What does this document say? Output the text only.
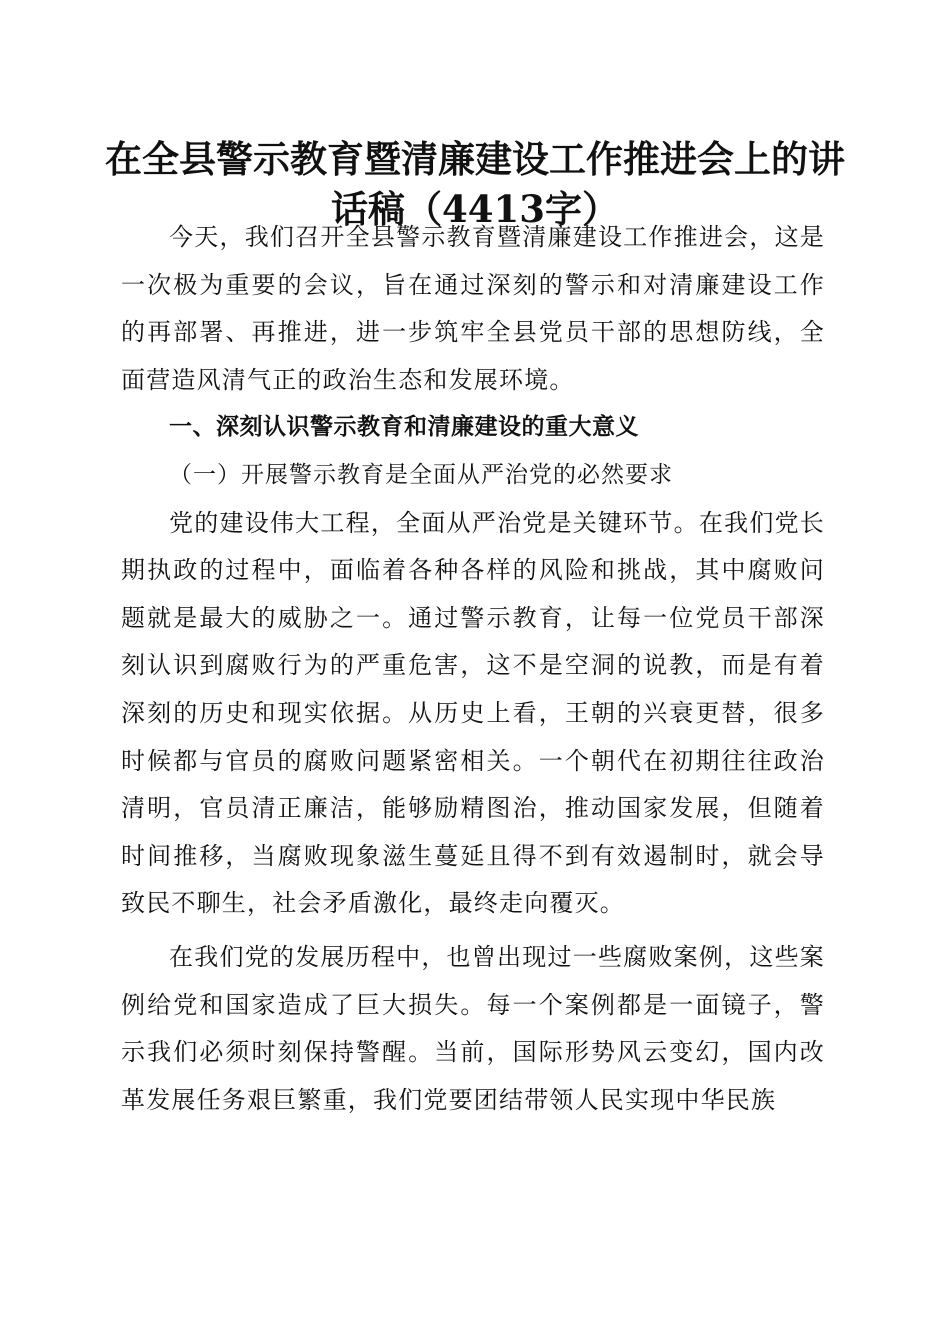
在全县警示教育暨清廉建设工作推进会上的讲
话稿（4413字）

今天，我们召开全县警示教育暨清廉建设工作推进会，这是一次极为重要的会议，旨在通过深刻的警示和对清廉建设工作的再部署、再推进，进一步筑牢全县党员干部的思想防线，全面营造风清气正的政治生态和发展环境。

一、深刻认识警示教育和清廉建设的重大意义

（一）开展警示教育是全面从严治党的必然要求

党的建设伟大工程，全面从严治党是关键环节。在我们党长期执政的过程中，面临着各种各样的风险和挑战，其中腐败问题就是最大的威胁之一。通过警示教育，让每一位党员干部深刻认识到腐败行为的严重危害，这不是空洞的说教，而是有着深刻的历史和现实依据。从历史上看，王朝的兴衰更替，很多时候都与官员的腐败问题紧密相关。一个朝代在初期往往政治清明，官员清正廉洁，能够励精图治，推动国家发展，但随着时间推移，当腐败现象滋生蔓延且得不到有效遏制时，就会导致民不聊生，社会矛盾激化，最终走向覆灭。

在我们党的发展历程中，也曾出现过一些腐败案例，这些案例给党和国家造成了巨大损失。每一个案例都是一面镜子，警示我们必须时刻保持警醒。当前，国际形势风云变幻，国内改革发展任务艰巨繁重，我们党要团结带领人民实现中华民族
